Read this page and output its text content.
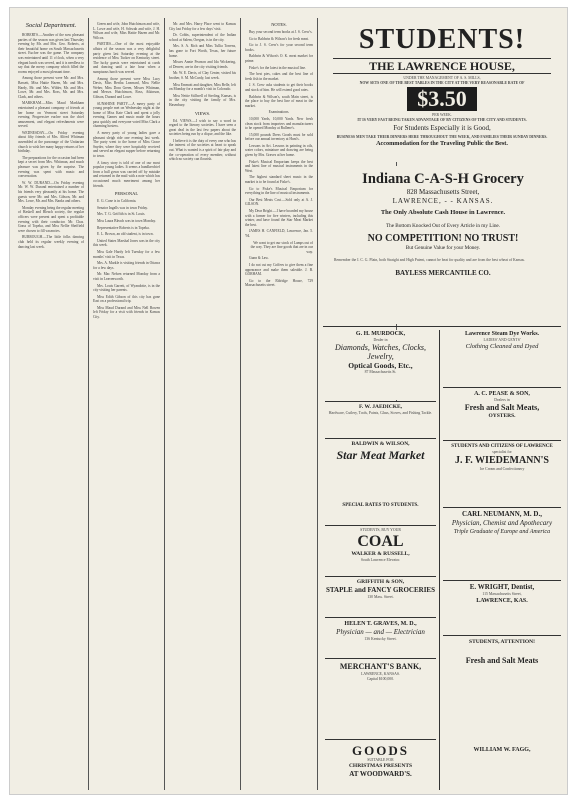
Social Department.

ROBERTS.—Another of the now pleasant parties of the season was given last Thursday evening by Mr. and Mrs. Geo. Roberts, at their beautiful home on South Massachusetts street. Euchre was the game. The company was entertained until 11 o'clock, when a very elegant lunch was served, and it is needless to say that the merry company which filled the rooms enjoyed a most pleasant time.

Among those present were Mr. and Mrs. Bassett, Miss Hattie Hazen, Mr. and Mrs. Hardy, Mr. and Mrs. Wilder, Mr. and Mrs. Lowe, Mr. and Mrs. Ross, Mr. and Mrs. Clark, and others.

MARKHAM.—Miss Maud Markham entertained a pleasant company of friends at her home on Vermont street Saturday evening. Progressive euchre was the chief amusement, and elegant refreshments were served.

WEDNESDAY.—On Friday evening about fifty friends of Mrs. Alfred Whitman assembled at the parsonage of the Unitarian church to wish her many happy returns of her birthday.

The preparations for the occasion had been kept a secret from Mrs. Whitman, and much pleasure was given by the surprise. The evening was spent with music and conversation.

W. W. DURAND.—On Friday evening Mr. W. W. Durand entertained a number of his friends very pleasantly at his home. The guests were Mr. and Mrs. Gibson, Mr. and Mrs. Lowe, Mr. and Mrs. Banks and others.

Monday evening being the regular meeting of Haskell and Bleach society, the regular officers were present and spent a profitable evening with their conductor. Mr. Chas. Grass of Topeka, and Miss Nellie Sheffield were chosen to fill vacancies.

BURROUGH.—The little folks dancing club held its regular weekly evening of dancing last week.

Green and wife, John Hutchinson and wife, L. Lowe and wife, H. Schwab and wife, J. H. Wilson and wife, Miss Hattie Hazen and Mr. Wilcox.

PARTIES.—One of the most enjoyable affairs of the season was a very delightful party given last Saturday evening at the residence of Miss Tucker on Kentucky street. The lucky guests were entertained at cards and dancing until a late hour when a sumptuous lunch was served.

Among those present were Miss Lucy Davis, Miss Bertha Learnard, Miss Nellie Weber, Miss Dora Green, Misses Whitman, and Messrs. Hutchinson, Ross, Atkinson, Gibson, Durand and Lowe.

SUNSHINE PARTY.—A merry party of young people met on Wednesday night at the home of Miss Kate Clark and spent a jolly evening. Games and music made the hours pass quickly and everyone voted Miss Clark a charming hostess.

A merry party of young ladies gave a pleasant sleigh ride one evening last week. The party went to the home of Miss Grace Snyder, where they were hospitably received and served an elegant supper before returning to town.

A fancy story is told of one of our most popular young ladies. It seems a handkerchief from a ball gown was carried off by mistake and returned in the mail with a note which has occasioned much merriment among her friends.

PERSONAL

E. G. Cone is in California.

Senator Ingalls was in town Friday.

Mrs. T. G. Griffith is in St. Louis.

Miss Laura Bleach was in town Monday.

Representative Roberts is in Topeka.

E. L. Brown, an old student, is in town.

United States Marshal Jones was in the city this week.

Miss Gale Hardy left Tuesday for a few months' visit in Texas.

Mrs. A. Markle is visiting friends in Ottawa for a few days.

Mr. Mac Nelsen returned Monday from a visit in Leavenworth.

Mrs. Louis Garrett, of Wyandotte, is in the city visiting her parents.

Miss Edith Gibson of this city has gone East on a professional trip.

Miss Maud Durand and Miss Nell Bowen left Friday for a visit with friends in Kansas City.

Mr. and Mrs. Harry Place went to Kansas City last Friday for a few days' visit.

Dr. Cobbs, superintendent of the Indian school at Salem, Oregon, is in the city.

Mrs. S. A. Rich and Miss Tullia Torrens, has gone to Fort Worth, Texas, her future home.

Misses Annie Pearson and Ida Wickering, of Denver, are in the city visiting friends.

Mr. W. E. Davis, of Clay Center, visited his brother, S. M. McCurdy, last week.

Miss Emmott and daughter, Miss Belle, left on Monday for a month's visit in Colorado.

Miss Nettie Stillwell of Sterling, Kansas, is in the city visiting the family of Mrs. Hasenbury.

VIEWS.

Ed. VIEWS.—I wish to say a word in regard to the literary societies. I have seen a great deal in the last few papers about the societies being run by a clique, and the like.

I believe it is the duty of every one who has the interest of the societies at heart to speak out. What is wanted is a spirit of fair play and the co-operation of every member, without which no society can flourish.

NOTES.

Buy your second term books at J. S. Crew's.

Go to Baldwin & Wilson's for fresh meat.

Go to J. S. Crew's for your second term books.

Baldwin & Wilson's O. K. meat market for prime.

Fiske's for the latest in the musical line.

The best pies, cakes and the best line of fresh fish in the market.

J. S. Crew asks students to get their books and stock of him. He will extend good rates.

Baldwin & Wilson's, south Main street, is the place to buy the best line of meat in the market.

Examinations.

10,000 Yards, 10,000 Yards. New fresh clean stock from importers and manufacturers to be opened Monday at Bullene's.

15,000 pounds Dress Goods must be sold before our annual inventory at Hunt's.

Lessons in Art. Lessons in painting in oils, water colors, miniature and drawing are being given by Mrs. Graves at her home.

Fiske's Musical Emporium keeps the best and latest line of musical instruments in the West.

The highest standard sheet music in the market is to be found at Fiske's.

Go to Fiske's Musical Emporium for everything in the line of musical instruments.

Our Best Meats Cost.—Sold only at A. J. GILSON.

My Dear Bright.—I have boarded my house with a farmer for five winters, including this winter, and have found the Star Meat Market the best.

JAMES H. CANFIELD, Lawrence, Jan. 5. '94.

We want to get our stock of Lamps out of the way. They are fine goods that are in our way.

Gunn & Law.

I do not cut my Coffees to give them a fine appearance and make them saleable. J. B. GORHAM.

Go to the Eldridge House, 729 Massachusetts street.

STUDENTS!
THE LAWRENCE HOUSE,
UNDER THE MANAGEMENT OF A. S. MILLS,
NOW SETS ONE OF THE BEST TABLES IN THE CITY AT THE VERY REASONABLE RATE OF
$3.50
PER WEEK.
IT IS VERY FAST BEING TAKEN ADVANTAGE OF BY CITIZENS OF THE CITY AND STUDENTS.
For Students Especially it is Good,
BUSINESS MEN TAKE THEIR DINNERS HERE THROUGHOUT THE WEEK, AND FAMILIES THEIR SUNDAY DINNERS.
Accommodation for the Traveling Public the Best.
Indiana C-A-S-H Grocery
828 Massachusetts Street,
LAWRENCE, - - KANSAS.
The Only Absolute Cash House in Lawrence.
The Bottom Knocked Out of Every Article in my Line.
NO COMPETITION! NO TRUST!
But Genuine Value for your Money.
Remember the I. C. G. Plain, both Straight and High Patent, cannot be beat for quality and are from the best wheat of Kansas.
BAYLESS MERCANTILE CO.
G. H. MURDOCK,
Dealer in
Diamonds, Watches, Clocks, Jewelry,
Optical Goods, Etc.,
87 Massachusetts St.
F. W. JAEDICKE,
Hardware, Cutlery, Tools, Paints, Glass, Stoves, and Fishing Tackle.
BALDWIN & WILSON,
Star Meat Market
SPECIAL RATES TO STUDENTS.
STUDENTS, BUY YOUR
COAL
WALKER & RUSSELL,
South Lawrence Elevator.
GRIFFITH & SON,
STAPLE and FANCY GROCERIES
130 Mass. Street.
HELEN T. GRAVES, M. D.,
Physician — and — Electrician
136 Kentucky Street.
MERCHANT'S BANK,
LAWRENCE, KANSAS.
Capital $100,000.
GOODS
SUITABLE FOR
CHRISTMAS PRESENTS
AT WOODWARD'S.
Lawrence Steam Dye Works.
LADIES' AND GENTS'
Clothing Cleaned and Dyed
A. C. PEASE & SON,
Dealers in
Fresh and Salt Meats,
OYSTERS.
STUDENTS AND CITIZENS OF LAWRENCE
specialist for
J. F. WIEDEMANN'S
Ice Cream and Confectionery
CARL NEUMANN, M. D.,
Physician, Chemist and Apothecary
Triple Graduate of Europe and America
E. WRIGHT, Dentist,
115 Massachusetts Street,
LAWRENCE, KAS.
STUDENTS, ATTENTION!
Fresh and Salt Meats
WILLIAM W. FAGG,
